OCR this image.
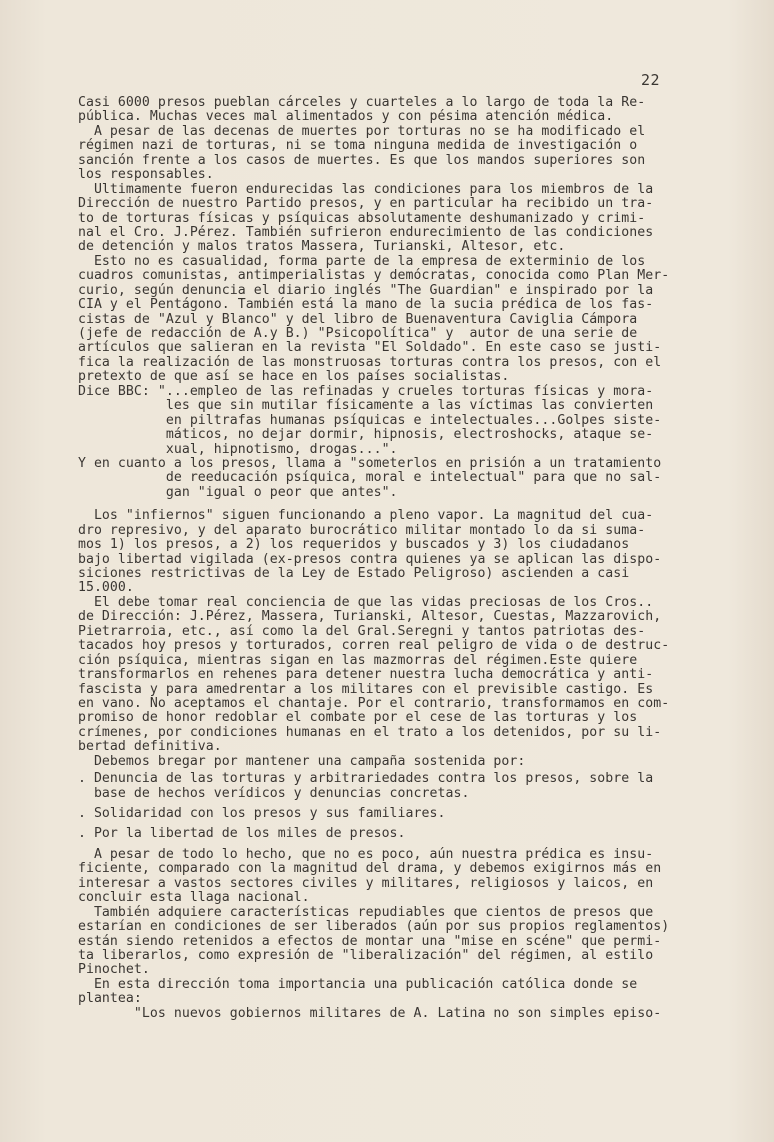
22
Casi 6000 presos pueblan cárceles y cuarteles a lo largo de toda la Re-
pública. Muchas veces mal alimentados y con pésima atención médica.
A pesar de las decenas de muertes por torturas no se ha modificado el
régimen nazi de torturas, ni se toma ninguna medida de investigación o
sanción frente a los casos de muertes. Es que los mandos superiores son
los responsables.
Ultimamente fueron endurecidas las condiciones para los miembros de la
Dirección de nuestro Partido presos, y en particular ha recibido un tra-
to de torturas físicas y psíquicas absolutamente deshumanizado y crimi-
nal el Cro. J.Pérez. También sufrieron endurecimiento de las condiciones
de detención y malos tratos Massera, Turianski, Altesor, etc.
Esto no es casualidad, forma parte de la empresa de exterminio de los
cuadros comunistas, antimperialistas y demócratas, conocida como Plan Mer-
curio, según denuncia el diario inglés "The Guardian" e inspirado por la
CIA y el Pentágono. También está la mano de la sucia prédica de los fas-
cistas de "Azul y Blanco" y del libro de Buenaventura Caviglia Cámpora
(jefe de redacción de A.y B.) "Psicopolítica" y  autor de una serie de
artículos que salieran en la revista "El Soldado". En este caso se justi-
fica la realización de las monstruosas torturas contra los presos, con el
pretexto de que así se hace en los países socialistas.
Dice BBC: "...empleo de las refinadas y crueles torturas físicas y mora-
les que sin mutilar físicamente a las víctimas las convierten
en piltrafas humanas psíquicas e intelectuales...Golpes siste-
máticos, no dejar dormir, hipnosis, electroshocks, ataque se-
xual, hipnotismo, drogas...".
Y en cuanto a los presos, llama a "someterlos en prisión a un tratamiento
de reeducación psíquica, moral e intelectual" para que no sal-
gan "igual o peor que antes".
Los "infiernos" siguen funcionando a pleno vapor. La magnitud del cua-
dro represivo, y del aparato burocrático militar montado lo da si suma-
mos 1) los presos, a 2) los requeridos y buscados y 3) los ciudadanos
bajo libertad vigilada (ex-presos contra quienes ya se aplican las dispo-
siciones restrictivas de la Ley de Estado Peligroso) ascienden a casi
15.000.
El debe tomar real conciencia de que las vidas preciosas de los Cros..
de Dirección: J.Pérez, Massera, Turianski, Altesor, Cuestas, Mazzarovich,
Pietrarroia, etc., así como la del Gral.Seregni y tantos patriotas des-
tacados hoy presos y torturados, corren real peligro de vida o de destruc-
ción psíquica, mientras sigan en las mazmorras del régimen.Este quiere
transformarlos en rehenes para detener nuestra lucha democrática y anti-
fascista y para amedrentar a los militares con el previsible castigo. Es
en vano. No aceptamos el chantaje. Por el contrario, transformamos en com-
promiso de honor redoblar el combate por el cese de las torturas y los
crímenes, por condiciones humanas en el trato a los detenidos, por su li-
bertad definitiva.
Debemos bregar por mantener una campaña sostenida por:
. Denuncia de las torturas y arbitrariedades contra los presos, sobre la
base de hechos verídicos y denuncias concretas.
. Solidaridad con los presos y sus familiares.
. Por la libertad de los miles de presos.
A pesar de todo lo hecho, que no es poco, aún nuestra prédica es insu-
ficiente, comparado con la magnitud del drama, y debemos exigirnos más en
interesar a vastos sectores civiles y militares, religiosos y laicos, en
concluir esta llaga nacional.
También adquiere características repudiables que cientos de presos que
estarían en condiciones de ser liberados (aún por sus propios reglamentos)
están siendo retenidos a efectos de montar una "mise en scéne" que permi-
ta liberarlos, como expresión de "liberalización" del régimen, al estilo
Pinochet.
En esta dirección toma importancia una publicación católica donde se
plantea:
"Los nuevos gobiernos militares de A. Latina no son simples episo-
